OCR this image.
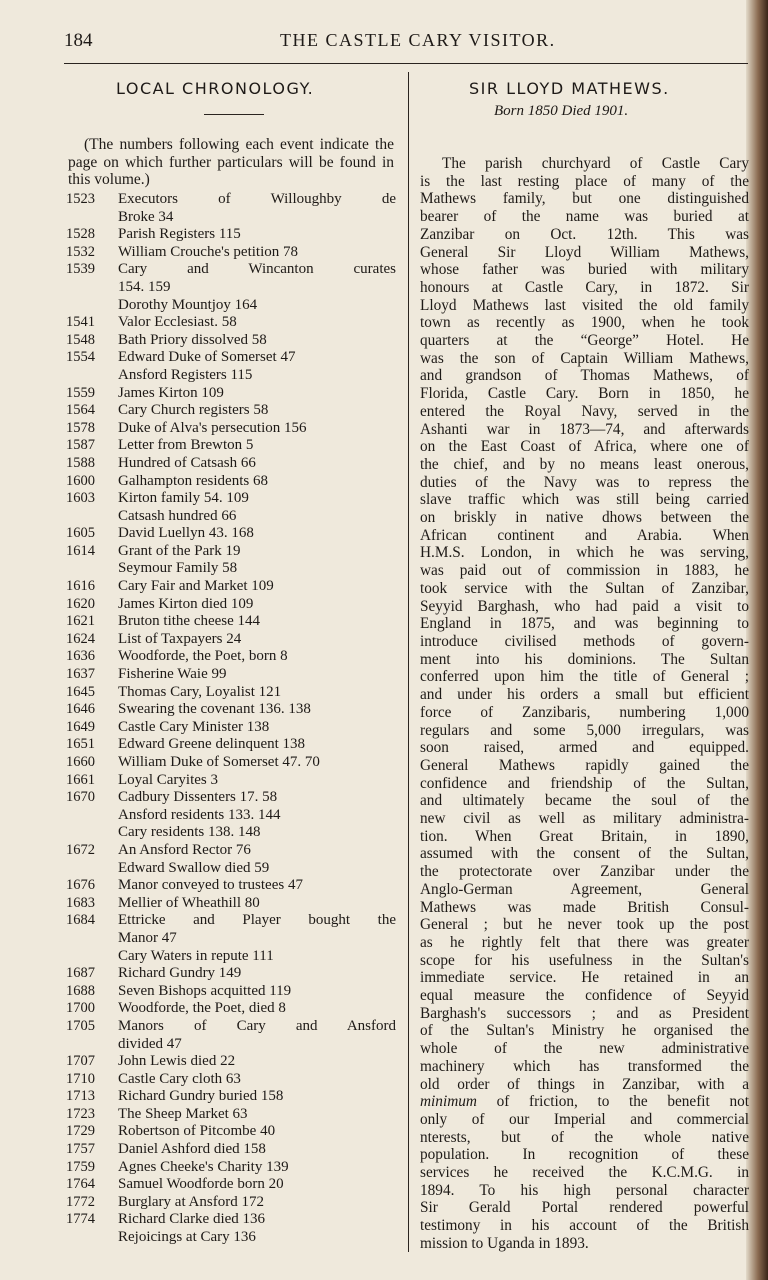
184	THE CASTLE CARY VISITOR.
LOCAL CHRONOLOGY.

(The numbers following each event indicate the page on which further particulars will be found in this volume.)

1523	Executors of Willoughby de
Broke 34
1528	Parish Registers 115
1532	William Crouche's petition 78
1539	Cary and Wincanton curates
154. 159
Dorothy Mountjoy 164
1541	Valor Ecclesiast. 58
1548	Bath Priory dissolved 58
1554	Edward Duke of Somerset 47
Ansford Registers 115
1559	James Kirton 109
1564	Cary Church registers 58
1578	Duke of Alva's persecution 156
1587	Letter from Brewton 5
1588	Hundred of Catsash 66
1600	Galhampton residents 68
1603	Kirton family 54. 109
Catsash hundred 66
1605	David Luellyn 43. 168
1614	Grant of the Park 19
Seymour Family 58
1616	Cary Fair and Market 109
1620	James Kirton died 109
1621	Bruton tithe cheese 144
1624	List of Taxpayers 24
1636	Woodforde, the Poet, born 8
1637	Fisherine Waie 99
1645	Thomas Cary, Loyalist 121
1646	Swearing the covenant 136. 138
1649	Castle Cary Minister 138
1651	Edward Greene delinquent 138
1660	William Duke of Somerset 47. 70
1661	Loyal Caryites 3
1670	Cadbury Dissenters 17. 58
Ansford residents 133. 144
Cary residents 138. 148
1672	An Ansford Rector 76
Edward Swallow died 59
1676	Manor conveyed to trustees 47
1683	Mellier of Wheathill 80
1684	Ettricke and Player bought the
Manor 47
Cary Waters in repute 111
1687	Richard Gundry 149
1688	Seven Bishops acquitted 119
1700	Woodforde, the Poet, died 8
1705	Manors of Cary and Ansford
divided 47
1707	John Lewis died 22
1710	Castle Cary cloth 63
1713	Richard Gundry buried 158
1723	The Sheep Market 63
1729	Robertson of Pitcombe 40
1757	Daniel Ashford died 158
1759	Agnes Cheeke's Charity 139
1764	Samuel Woodforde born 20
1772	Burglary at Ansford 172
1774	Richard Clarke died 136
Rejoicings at Cary 136
SIR LLOYD MATHEWS.
Born 1850 Died 1901.
The parish churchyard of Castle Cary
is the last resting place of many of the
Mathews family, but one distinguished
bearer of the name was buried at
Zanzibar on Oct. 12th. This was
General Sir Lloyd William Mathews,
whose father was buried with military
honours at Castle Cary, in 1872. Sir
Lloyd Mathews last visited the old family
town as recently as 1900, when he took
quarters at the “George” Hotel. He
was the son of Captain William Mathews,
and grandson of Thomas Mathews, of
Florida, Castle Cary. Born in 1850, he
entered the Royal Navy, served in the
Ashanti war in 1873—74, and afterwards
on the East Coast of Africa, where one of
the chief, and by no means least onerous,
duties of the Navy was to repress the
slave traffic which was still being carried
on briskly in native dhows between the
African continent and Arabia. When
H.M.S. London, in which he was serving,
was paid out of commission in 1883, he
took service with the Sultan of Zanzibar,
Seyyid Barghash, who had paid a visit to
England in 1875, and was beginning to
introduce civilised methods of govern-
ment into his dominions. The Sultan
conferred upon him the title of General ;
and under his orders a small but efficient
force of Zanzibaris, numbering 1,000
regulars and some 5,000 irregulars, was
soon raised, armed and equipped.
General Mathews rapidly gained the
confidence and friendship of the Sultan,
and ultimately became the soul of the
new civil as well as military administra-
tion. When Great Britain, in 1890,
assumed with the consent of the Sultan,
the protectorate over Zanzibar under the
Anglo-German Agreement, General
Mathews was made British Consul-
General ; but he never took up the post
as he rightly felt that there was greater
scope for his usefulness in the Sultan's
immediate service. He retained in an
equal measure the confidence of Seyyid
Barghash's successors ; and as President
of the Sultan's Ministry he organised the
whole of the new administrative
machinery which has transformed the
old order of things in Zanzibar, with a
minimum of friction, to the benefit not
only of our Imperial and commercial
nterests, but of the whole native
population. In recognition of these
services he received the K.C.M.G. in
1894. To his high personal character
Sir Gerald Portal rendered powerful
testimony in his account of the British
mission to Uganda in 1893.
